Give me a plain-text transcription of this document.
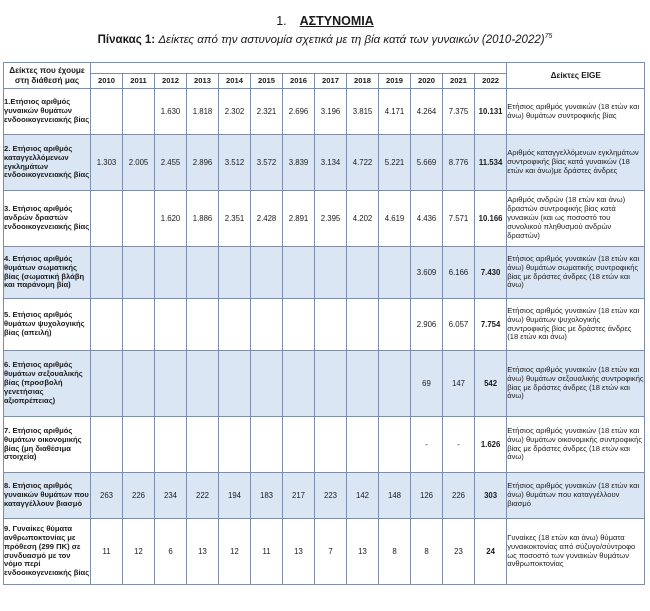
1. ΑΣΤΥΝΟΜΙΑ
Πίνακας 1: Δείκτες από την αστυνομία σχετικά με τη βία κατά των γυναικών (2010-2022)$^{75}$
Δείκτες που έχουμε στη διάθεσή μας														Δείκτες EIGE
	2010	2011	2012	2013	2014	2015	2016	2017	2018	2019	2020	2021	2022	
1.Ετήσιος αριθμός γυναικών θυμάτων ενδοοικογενειακής βίας			1.630	1.818	2.302	2.321	2.696	3.196	3.815	4.171	4.264	7.375	10.131	Ετήσιος αριθμός γυναικών (18 ετών και άνω) θυμάτων συντροφικής βίας
2. Ετήσιος αριθμός καταγγελλόμενων εγκλημάτων ενδοοικογενειακής βίας	1.303	2.005	2.455	2.896	3.512	3.572	3.839	3.134	4.722	5.221	5.669	8.776	11.534	Αριθμός καταγγελλόμενων εγκλημάτων συντροφικής βίας κατά γυναικών (18 ετών και άνω)με δράστες άνδρες
3. Ετήσιος αριθμός ανδρών δραστών ενδοοικογενειακής βίας			1.620	1.886	2.351	2.428	2.891	2.395	4.202	4.619	4.436	7.571	10.166	Αριθμός ανδρών (18 ετών και άνω) δραστών συντροφικής βίας κατά γυναικών (και ως ποσοστό του συνολικού πληθυσμού ανδρών δραστών)
4. Ετήσιος αριθμός θυμάτων σωματικής βίας (σωματική βλάβη και παράνομη βία)											3.609	6.166	7.430	Ετήσιος αριθμός γυναικών (18 ετών και άνω) θυμάτων σωματικής συντροφικής βίας με δράστες άνδρες (18 ετών και άνω)
5. Ετήσιος αριθμός θυμάτων ψυχολογικής βίας (απειλή)											2.906	6.057	7.754	Ετήσιος αριθμός γυναικών (18 ετών και άνω) θυμάτων ψυχολογικής συντροφικής βίας με δράστες άνδρες (18 ετών και άνω)
6. Ετήσιος αριθμός θυμάτων σεξουαλικής βίας (προσβολή γενετήσιας αξιοπρέπειας)											69	147	542	Ετήσιος αριθμός γυναικών (18 ετών και άνω) θυμάτων σεξουαλικής συντροφικής βίας με δράστες άνδρες (18 ετών και άνω)
7. Ετήσιος αριθμός θυμάτων οικονομικής βίας (μη διαθέσιμα στοιχεία)											-	-	1.626	Ετήσιος αριθμός γυναικών (18 ετών και άνω) θυμάτων οικονομικής συντροφικής βίας με δράστες άνδρες (18 ετών και άνω)
8. Ετήσιος αριθμός γυναικών θυμάτων που καταγγέλλουν βιασμό	263	226	234	222	194	183	217	223	142	148	126	226	303	Ετήσιος αριθμός γυναικών (18 ετών και άνω) θυμάτων που καταγγέλλουν βιασμό
9. Γυναίκες θύματα ανθρωποκτονίας με πρόθεση (299 ΠΚ) σε συνδυασμό με τον νόμο περί ενδοοικογενειακής βίας	11	12	6	13	12	11	13	7	13	8	8	23	24	Γυναίκες (18 ετών και άνω) θύματα γυναικοκτονίας από σύζυγο/σύντροφο ως ποσοστό των γυναικών θυμάτων ανθρωποκτονίας
